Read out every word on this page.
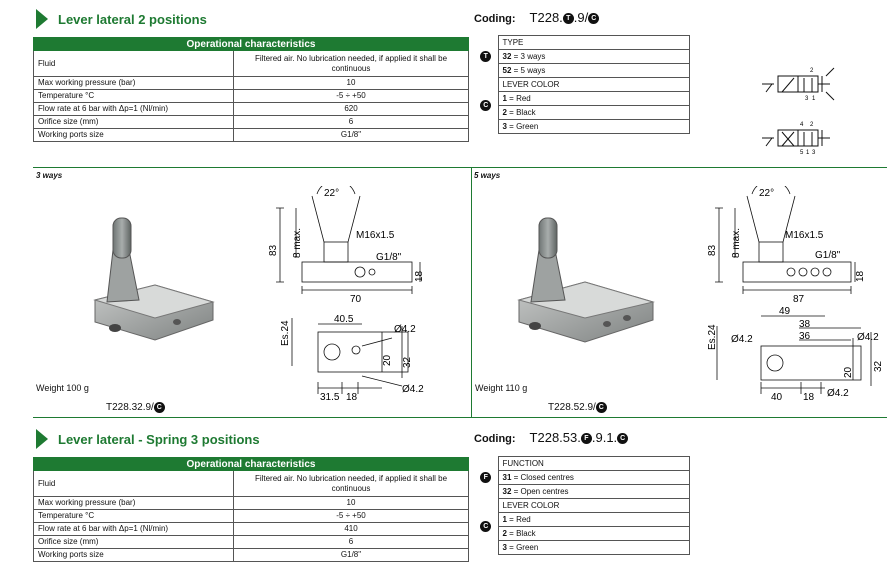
Lever lateral 2 positions
Operational characteristics	
Fluid	Filtered air. No lubrication needed, if applied it shall be continuous
Max working pressure (bar)	10
Temperature °C	-5 ÷ +50
Flow rate at 6 bar with Δp=1 (Nl/min)	620
Orifice size (mm)	6
Working ports size	G1/8"
Coding: T228. T .9/ C
T	TYPE
	32 = 3 ways
	52 = 5 ways
C	LEVER COLOR
	1 = Red
	2 = Black
	3 = Green
2
3 1
4 2
5 1 3
3 ways
Weight 100 g
T228.32.9/ C
22°
83 8 max.	M16x1.5
G1/8"
70
18
Es.24
40.5
Ø4.2
20 32
31.5 18
Ø4.2
5 ways
Weight 110 g
T228.52.9/ C
22°
83 8 max.	M16x1.5
G1/8"
87
18
49
38
36
Es.24 Ø4.2	Ø4.2
20
32
40 18 Ø4.2
Lever lateral - Spring 3 positions
Operational characteristics	
Fluid	Filtered air. No lubrication needed, if applied it shall be continuous
Max working pressure (bar)	10
Temperature °C	-5 ÷ +50
Flow rate at 6 bar with Δp=1 (Nl/min)	410
Orifice size (mm)	6
Working ports size	G1/8"
Coding: T228.53. F .9.1. C
F	FUNCTION
	31 = Closed centres
	32 = Open centres
C	LEVER COLOR
	1 = Red
	2 = Black
	3 = Green
